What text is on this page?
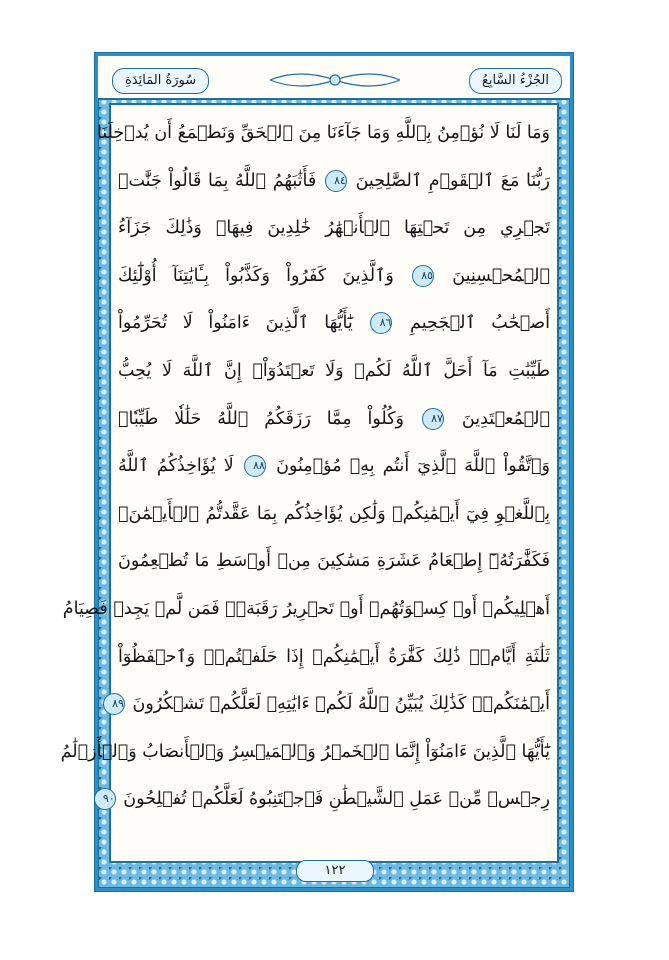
سُورَةُ المَائِدَةِ	الجُزْءُ السَّابِعُ
وَمَا لَنَا لَا نُؤۡمِنُ بِٱللَّهِ وَمَا جَآءَنَا مِنَ ٱلۡحَقِّ وَنَطۡمَعُ أَن يُدۡخِلَنَا
رَبُّنَا مَعَ ٱلۡقَوۡمِ ٱلصَّٰلِحِينَ ٨٤ فَأَثَٰبَهُمُ ٱللَّهُ بِمَا قَالُواْ جَنَّٰتٖ
تَجۡرِي مِن تَحۡتِهَا ٱلۡأَنۡهَٰرُ خَٰلِدِينَ فِيهَاۚ وَذَٰلِكَ جَزَآءُ
ٱلۡمُحۡسِنِينَ ٨٥ وَٱلَّذِينَ كَفَرُواْ وَكَذَّبُواْ بِـَٔايَٰتِنَآ أُوْلَٰٓئِكَ
أَصۡحَٰبُ ٱلۡجَحِيمِ ٨٦ يَٰٓأَيُّهَا ٱلَّذِينَ ءَامَنُواْ لَا تُحَرِّمُواْ
طَيِّبَٰتِ مَآ أَحَلَّ ٱللَّهُ لَكُمۡ وَلَا تَعۡتَدُوٓاْۚ إِنَّ ٱللَّهَ لَا يُحِبُّ
ٱلۡمُعۡتَدِينَ ٨٧ وَكُلُواْ مِمَّا رَزَقَكُمُ ٱللَّهُ حَلَٰلٗا طَيِّبٗاۚ
وَٱتَّقُواْ ٱللَّهَ ٱلَّذِيٓ أَنتُم بِهِۦ مُؤۡمِنُونَ ٨٨ لَا يُؤَاخِذُكُمُ ٱللَّهُ
بِٱللَّغۡوِ فِيٓ أَيۡمَٰنِكُمۡ وَلَٰكِن يُؤَاخِذُكُم بِمَا عَقَّدتُّمُ ٱلۡأَيۡمَٰنَۖ
فَكَفَّٰرَتُهُۥٓ إِطۡعَامُ عَشَرَةِ مَسَٰكِينَ مِنۡ أَوۡسَطِ مَا تُطۡعِمُونَ
أَهۡلِيكُمۡ أَوۡ كِسۡوَتُهُمۡ أَوۡ تَحۡرِيرُ رَقَبَةٖۖ فَمَن لَّمۡ يَجِدۡ فَصِيَامُ
ثَلَٰثَةِ أَيَّامٖۚ ذَٰلِكَ كَفَّٰرَةُ أَيۡمَٰنِكُمۡ إِذَا حَلَفۡتُمۡۚ وَٱحۡفَظُوٓاْ
أَيۡمَٰنَكُمۡۚ كَذَٰلِكَ يُبَيِّنُ ٱللَّهُ لَكُمۡ ءَايَٰتِهِۦ لَعَلَّكُمۡ تَشۡكُرُونَ ٨٩
يَٰٓأَيُّهَا ٱلَّذِينَ ءَامَنُوٓاْ إِنَّمَا ٱلۡخَمۡرُ وَٱلۡمَيۡسِرُ وَٱلۡأَنصَابُ وَٱلۡأَزۡلَٰمُ
رِجۡسٞ مِّنۡ عَمَلِ ٱلشَّيۡطَٰنِ فَٱجۡتَنِبُوهُ لَعَلَّكُمۡ تُفۡلِحُونَ ٩٠
١٢٢
